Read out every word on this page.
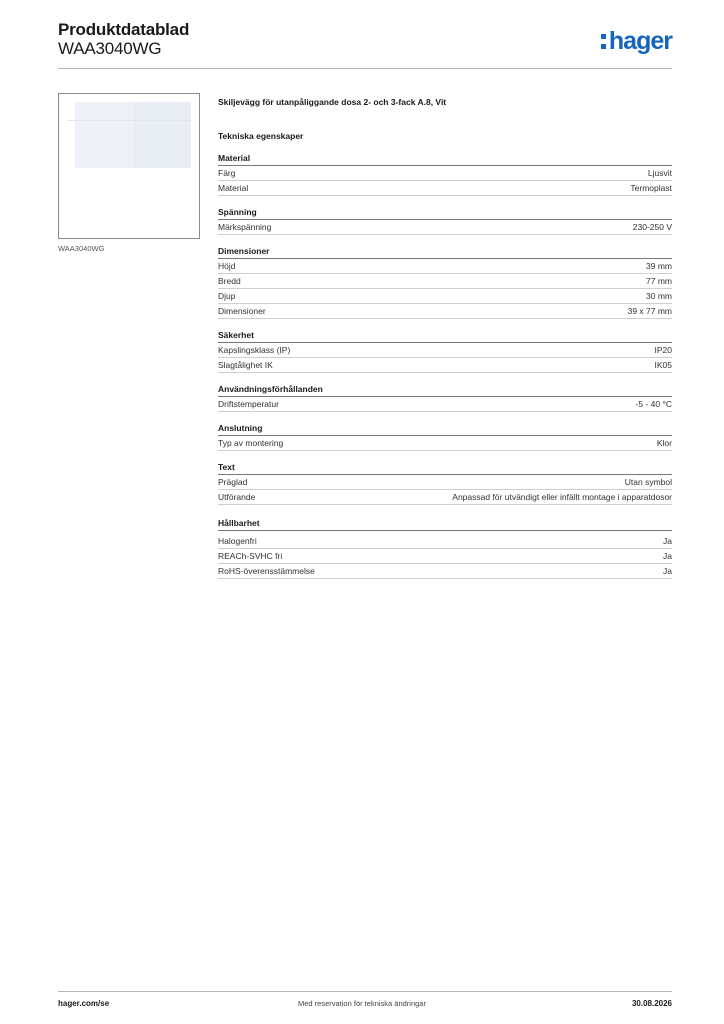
Produktdatablad
WAA3040WG	hager
WAA3040WG
Skiljevägg för utanpåliggande dosa 2- och 3-fack A.8, Vit
Tekniska egenskaper
Material
Färg	Ljusvit
Material	Termoplast
Spänning
Märkspänning	230-250 V
Dimensioner
Höjd	39 mm
Bredd	77 mm
Djup	30 mm
Dimensioner	39 x 77 mm
Säkerhet
Kapslingsklass (IP)	IP20
Slagtålighet IK	IK05
Användningsförhållanden
Driftstemperatur	-5 - 40 °C
Anslutning
Typ av montering	Klor
Text
Präglad	Utan symbol
Utförande	Anpassad för utvändigt eller infällt montage i apparatdosor
Hållbarhet
Halogenfri	Ja
REACh-SVHC fri	Ja
RoHS-överensstämmelse	Ja
hager.com/se	Med reservation för tekniska ändringar	30.08.2026
